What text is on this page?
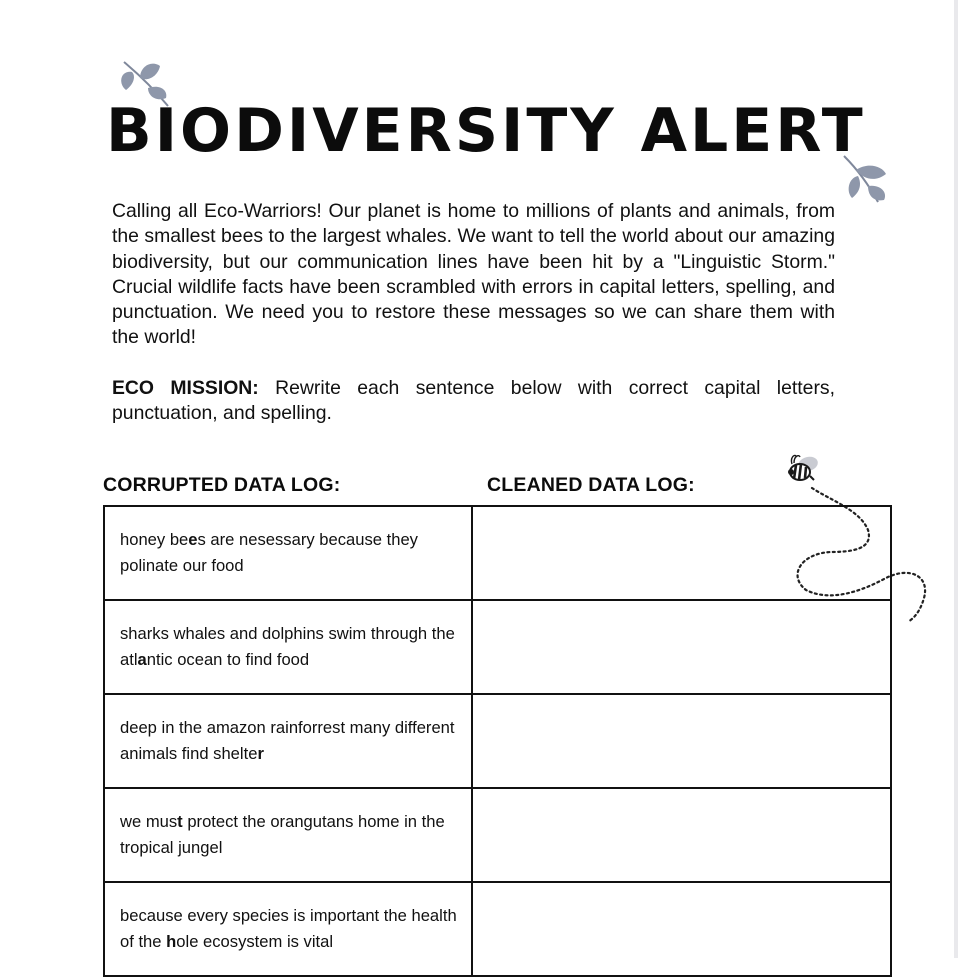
BIODIVERSITY ALERT

Calling all Eco-Warriors! Our planet is home to millions of plants and animals, from the smallest bees to the largest whales. We want to tell the world about our amazing biodiversity, but our communication lines have been hit by a "Linguistic Storm." Crucial wildlife facts have been scrambled with errors in capital letters, spelling, and punctuation. We need you to restore these messages so we can share them with the world!

ECO MISSION: Rewrite each sentence below with correct capital letters, punctuation, and spelling.

CORRUPTED DATA LOG:	CLEANED DATA LOG:
honey bees are nesessary because they polinate our food	
sharks whales and dolphins swim through the atlantic ocean to find food	
deep in the amazon rainforrest many different animals find shelter	
we must protect the orangutans home in the tropical jungel	
because every species is important the health of the hole ecosystem is vital	
